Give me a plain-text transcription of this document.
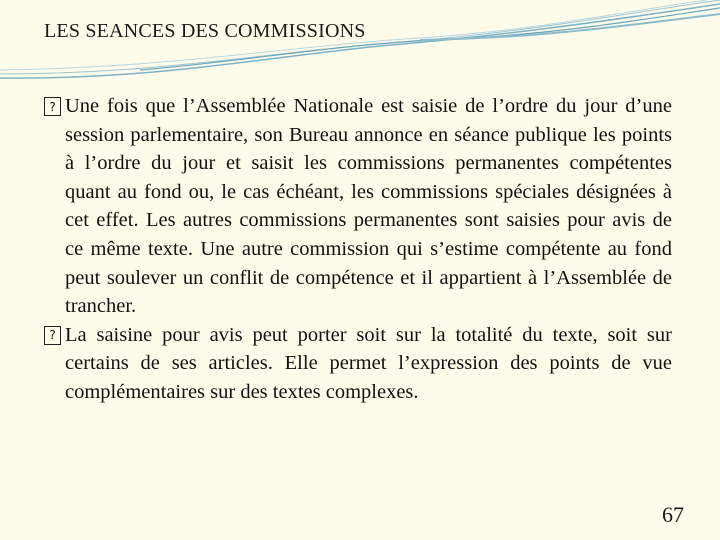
LES SEANCES DES COMMISSIONS

? Une fois que l’Assemblée Nationale est saisie de l’ordre du jour d’une session parlementaire, son Bureau annonce en séance publique les points à l’ordre du jour et saisit les commissions permanentes compétentes quant au fond ou, le cas échéant, les commissions spéciales désignées à cet effet. Les autres commissions permanentes sont saisies pour avis de ce même texte. Une autre commission qui s’estime compétente au fond peut soulever un conflit de compétence et il appartient à l’Assemblée de trancher.

? La saisine pour avis peut porter soit sur la totalité du texte, soit sur certains de ses articles. Elle permet l’expression des points de vue complémentaires sur des textes complexes.

67
